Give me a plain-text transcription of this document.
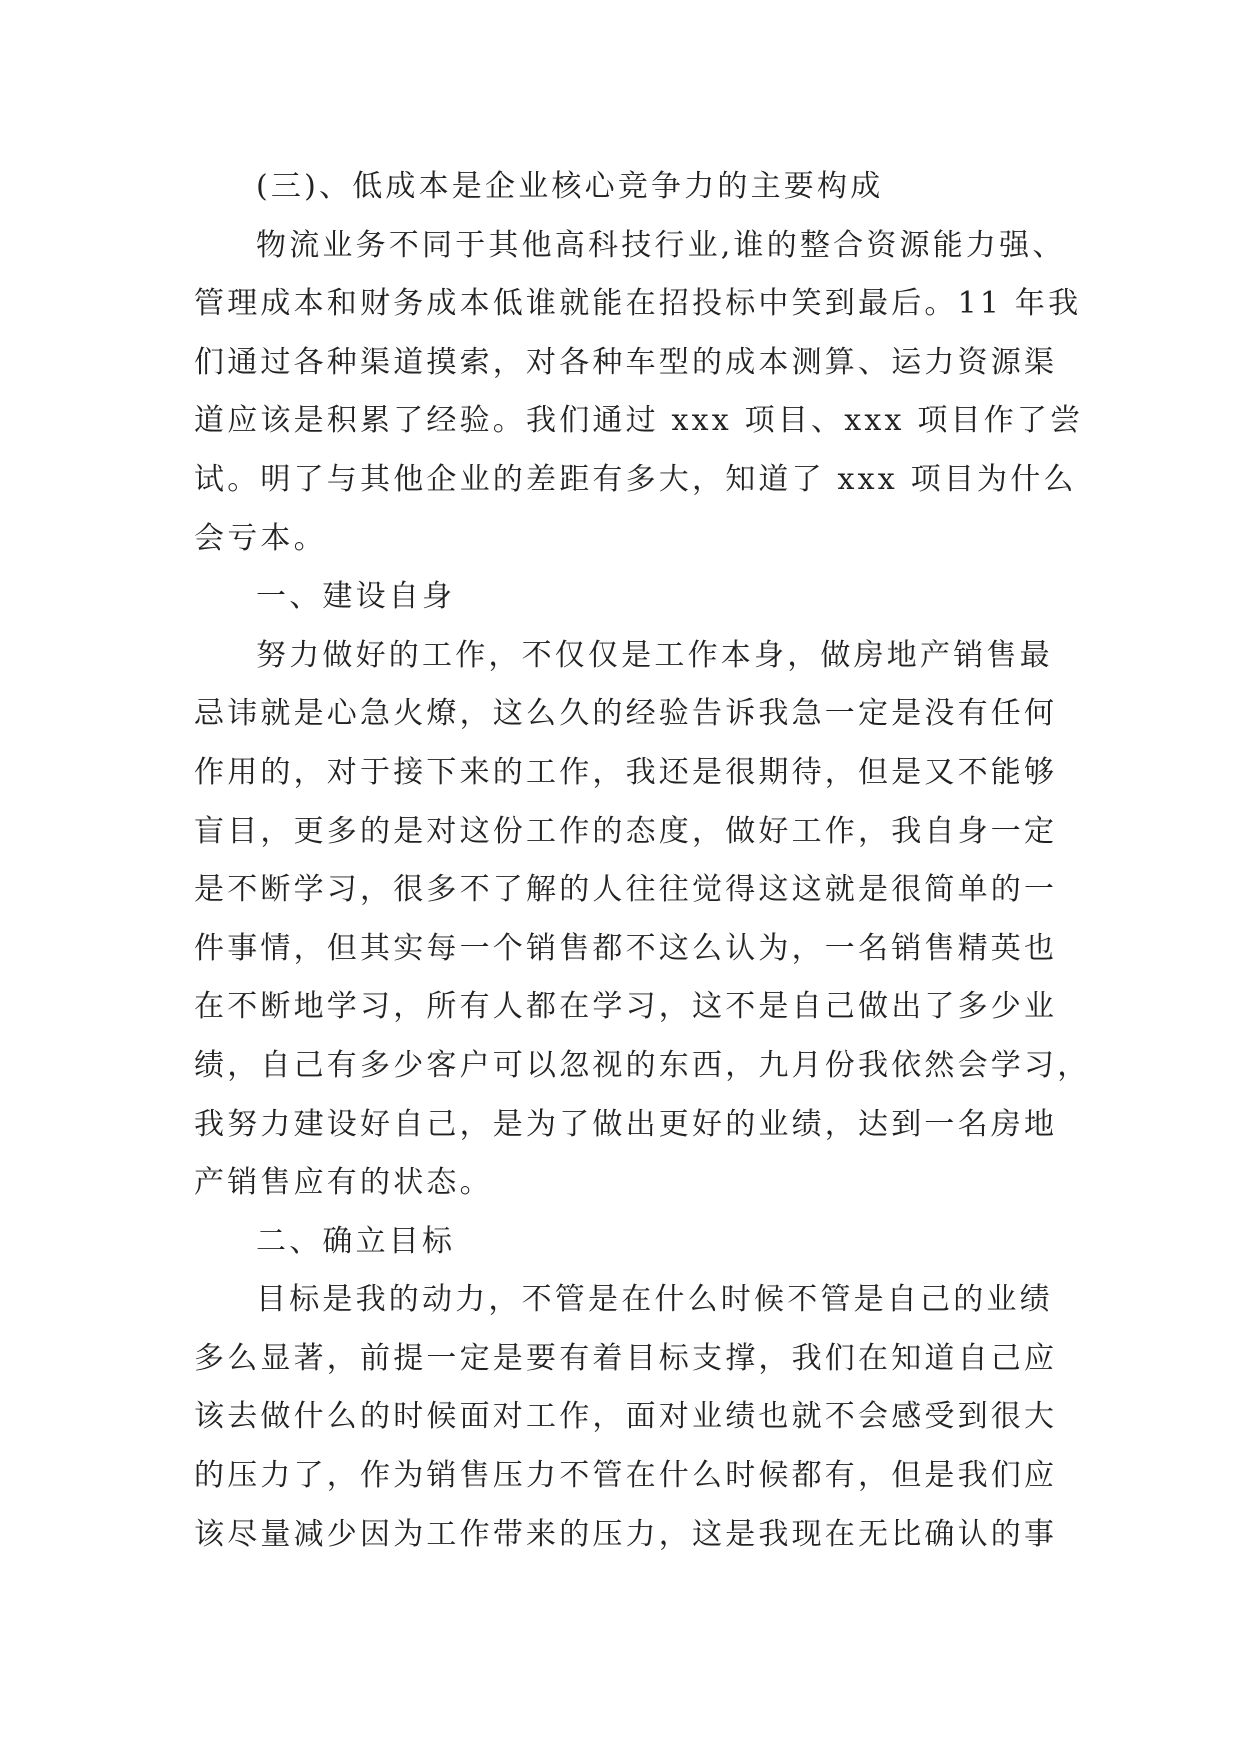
(三)、低成本是企业核心竞争力的主要构成
物流业务不同于其他高科技行业,谁的整合资源能力强、
管理成本和财务成本低谁就能在招投标中笑到最后。11 年我
们通过各种渠道摸索，对各种车型的成本测算、运力资源渠
道应该是积累了经验。我们通过 xxx 项目、xxx 项目作了尝
试。明了与其他企业的差距有多大，知道了 xxx 项目为什么
会亏本。
一、建设自身
努力做好的工作，不仅仅是工作本身，做房地产销售最
忌讳就是心急火燎，这么久的经验告诉我急一定是没有任何
作用的，对于接下来的工作，我还是很期待，但是又不能够
盲目，更多的是对这份工作的态度，做好工作，我自身一定
是不断学习，很多不了解的人往往觉得这这就是很简单的一
件事情，但其实每一个销售都不这么认为，一名销售精英也
在不断地学习，所有人都在学习，这不是自己做出了多少业
绩，自己有多少客户可以忽视的东西，九月份我依然会学习，
我努力建设好自己，是为了做出更好的业绩，达到一名房地
产销售应有的状态。
二、确立目标
目标是我的动力，不管是在什么时候不管是自己的业绩
多么显著，前提一定是要有着目标支撑，我们在知道自己应
该去做什么的时候面对工作，面对业绩也就不会感受到很大
的压力了，作为销售压力不管在什么时候都有，但是我们应
该尽量减少因为工作带来的压力，这是我现在无比确认的事
